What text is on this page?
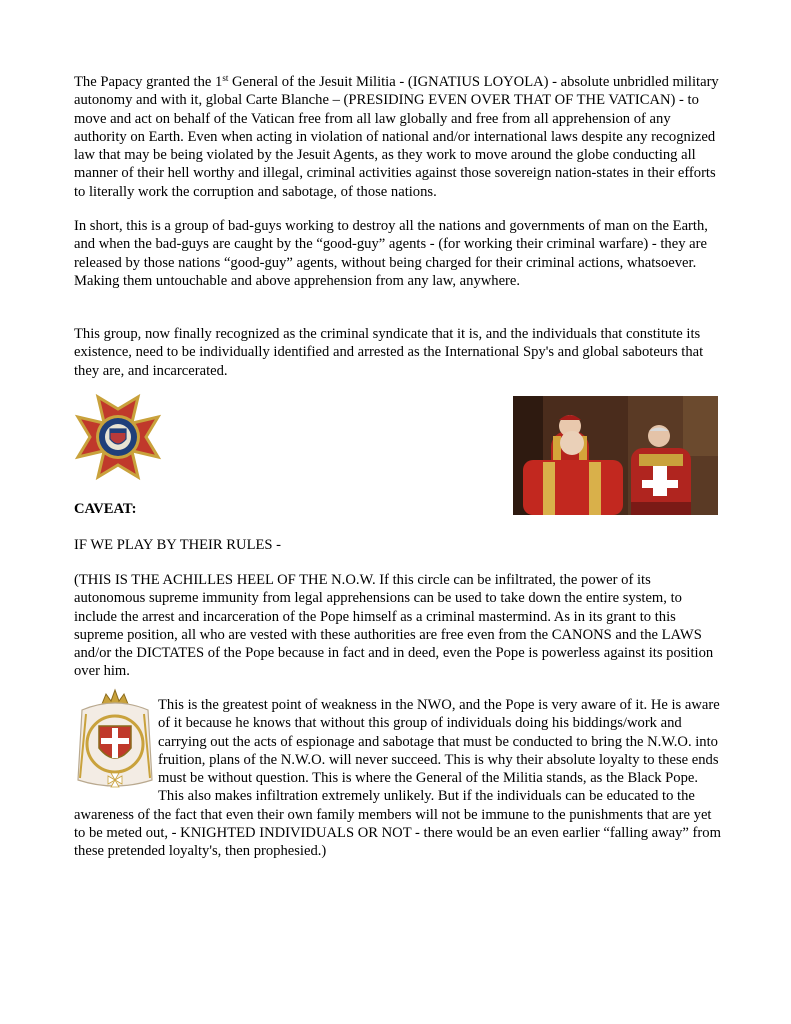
The Papacy granted the 1st General of the Jesuit Militia - (IGNATIUS LOYOLA) - absolute unbridled military autonomy and with it, global Carte Blanche – (PRESIDING EVEN OVER THAT OF THE VATICAN) - to move and act on behalf of the Vatican free from all law globally and free from all apprehension of any authority on Earth. Even when acting in violation of national and/or international laws despite any recognized law that may be being violated by the Jesuit Agents, as they work to move around the globe conducting all manner of their hell worthy and illegal, criminal activities against those sovereign nation-states in their efforts to literally work the corruption and sabotage, of those nations.

In short, this is a group of bad-guys working to destroy all the nations and governments of man on the Earth, and when the bad-guys are caught by the “good-guy” agents - (for working their criminal warfare) - they are released by those nations “good-guy” agents, without being charged for their criminal actions, whatsoever. Making them untouchable and above apprehension from any law, anywhere.

This group, now finally recognized as the criminal syndicate that it is, and the individuals that constitute its existence, need to be individually identified and arrested as the International Spy's and global saboteurs that they are, and incarcerated.

CAVEAT:

IF WE PLAY BY THEIR RULES -

(THIS IS THE ACHILLES HEEL OF THE N.O.W. If this circle can be infiltrated, the power of its autonomous supreme immunity from legal apprehensions can be used to take down the entire system, to include the arrest and incarceration of the Pope himself as a criminal mastermind. As in its grant to this supreme position, all who are vested with these authorities are free even from the CANONS and the LAWS and/or the DICTATES of the Pope because in fact and in deed, even the Pope is powerless against its position over him.

This is the greatest point of weakness in the NWO, and the Pope is very aware of it. He is aware of it because he knows that without this group of individuals doing his biddings/work and carrying out the acts of espionage and sabotage that must be conducted to bring the N.W.O. into fruition, plans of the N.W.O. will never succeed. This is why their absolute loyalty to these ends must be without question. This is where the General of the Militia stands, as the Black Pope. This also makes infiltration extremely unlikely. But if the individuals can be educated to the awareness of the fact that even their own family members will not be immune to the punishments that are yet to be meted out, - KNIGHTED INDIVIDUALS OR NOT - there would be an even earlier “falling away” from these pretended loyalty's, then prophesied.)
